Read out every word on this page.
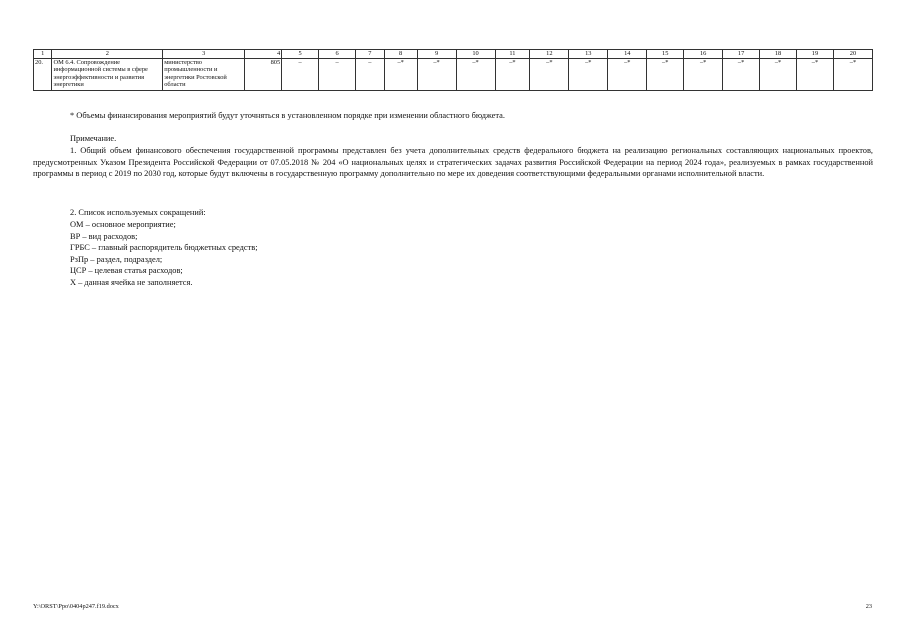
1	2	3	4	5	6	7	8	9	10	11	12	13	14	15	16	17	18	19	20
20.	ОМ 6.4. Сопровождение информационной системы в сфере энергоэффективности и развития энергетики	министерство промышленности и энергетики Ростовской области	805	–	–	–	–*	–*	–*	–*	–*	–*	–*	–*	–*	–*	–*	–*	–*
* Объемы финансирования мероприятий будут уточняться в установленном порядке при изменении областного бюджета.
Примечание.
1. Общий объем финансового обеспечения государственной программы представлен без учета дополнительных средств федерального бюджета на реализацию региональных составляющих национальных проектов, предусмотренных Указом Президента Российской Федерации от 07.05.2018 № 204 «О национальных целях и стратегических задачах развития Российской Федерации на период 2024 года», реализуемых в рамках государственной программы в период с 2019 по 2030 год, которые будут включены в государственную программу дополнительно по мере их доведения соответствующими федеральными органами исполнительной власти.
2. Список используемых сокращений:
ОМ – основное мероприятие;
ВР – вид расходов;
ГРБС – главный распорядитель бюджетных средств;
РзПр – раздел, подраздел;
ЦСР – целевая статья расходов;
Х – данная ячейка не заполняется.
Y:\ORST\Ppo\0404p247.f19.docx	23
